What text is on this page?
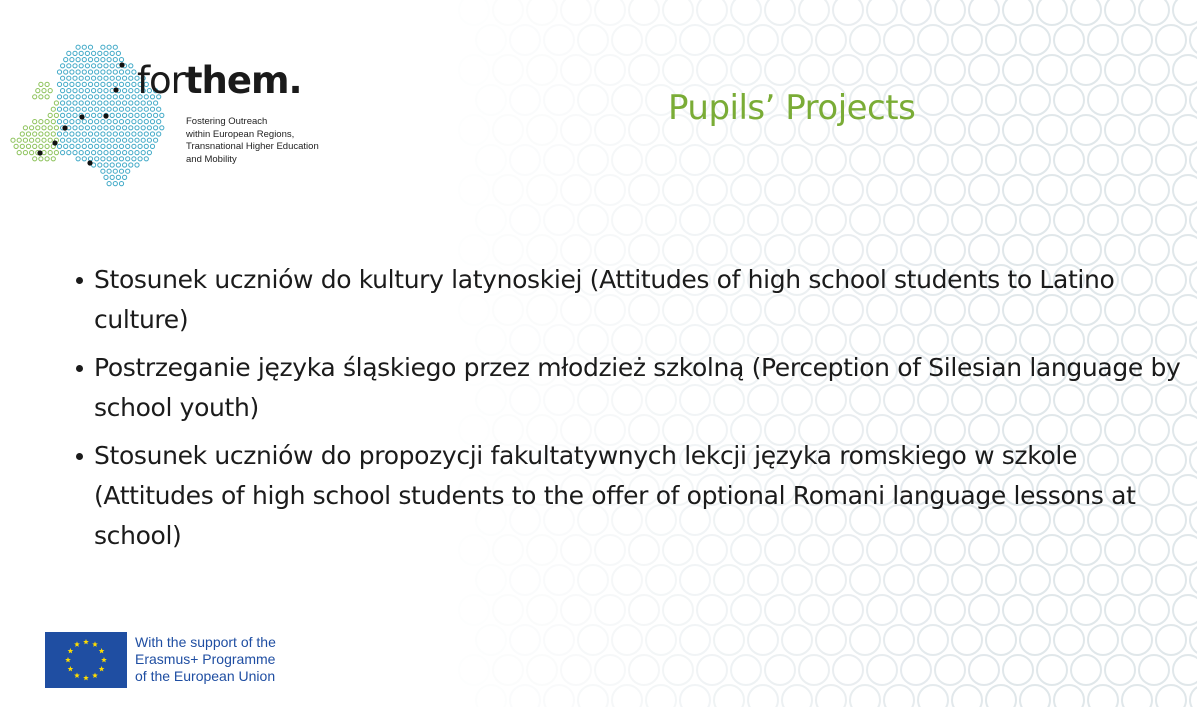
forthem.
Fostering Outreach
within European Regions,
Transnational Higher Education
and Mobility
Pupils’ Projects
Stosunek uczniów do kultury latynoskiej (Attitudes of high school students to Latino culture)
Postrzeganie języka śląskiego przez młodzież szkolną (Perception of Silesian language by school youth)
Stosunek uczniów do propozycji fakultatywnych lekcji języka romskiego w szkole (Attitudes of high school students to the offer of optional Romani language lessons at school)
With the support of the
Erasmus+ Programme
of the European Union
